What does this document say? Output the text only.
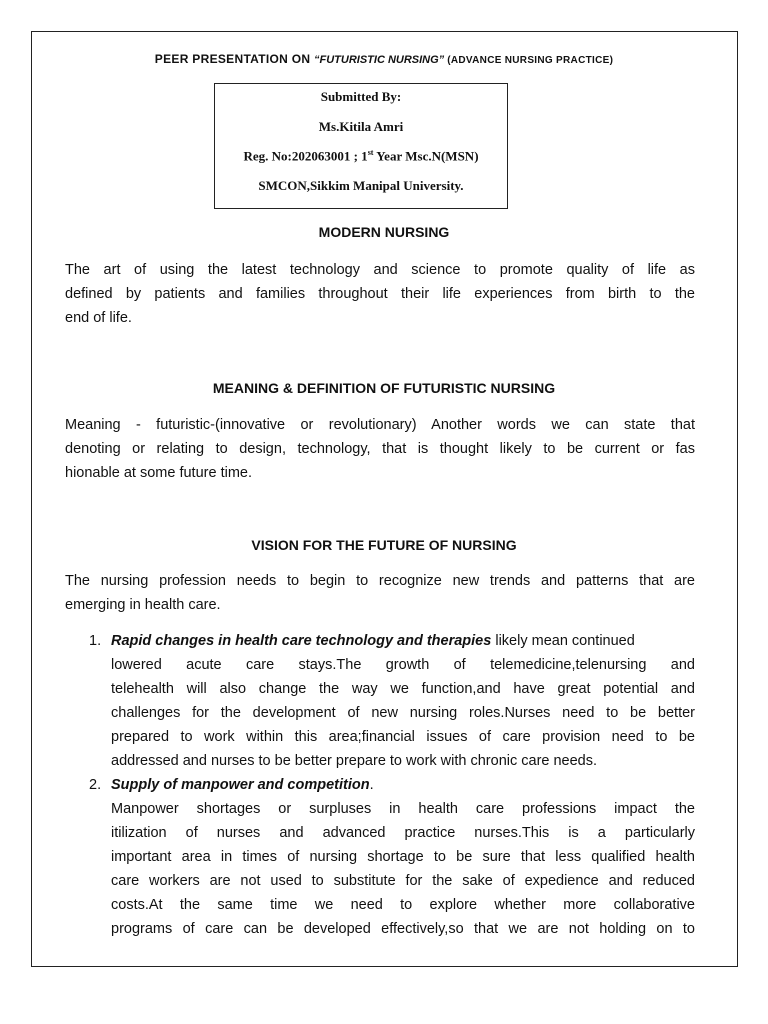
PEER PRESENTATION ON “FUTURISTIC NURSING” (ADVANCE NURSING PRACTICE)
Submitted By:
Ms.Kitila Amri
Reg. No:202063001 ; 1st Year Msc.N(MSN)
SMCON,Sikkim Manipal University.
MODERN NURSING
The art of using the latest technology and science to promote quality of life as
defined by patients and families throughout their life experiences from birth to the
end of life.
MEANING & DEFINITION OF FUTURISTIC NURSING
Meaning - futuristic-(innovative or revolutionary) Another words we can state that
denoting or relating to design, technology, that is thought likely to be current or fas
hionable at some future time.
VISION FOR THE FUTURE OF NURSING
The nursing profession needs to begin to recognize new trends and patterns that are
emerging in health care.
1. Rapid changes in health care technology and therapies likely mean continued
lowered acute care stays.The growth of telemedicine,telenursing and
telehealth will also change the way we function,and have great potential and
challenges for the development of new nursing roles.Nurses need to be better
prepared to work within this area;financial issues of care provision need to be
addressed and nurses to be better prepare to work with chronic care needs.
2. Supply of manpower and competition.
Manpower shortages or surpluses in health care professions impact the
itilization of nurses and advanced practice nurses.This is a particularly
important area in times of nursing shortage to be sure that less qualified health
care workers are not used to substitute for the sake of expedience and reduced
costs.At the same time we need to explore whether more collaborative
programs of care can be developed effectively,so that we are not holding on to
